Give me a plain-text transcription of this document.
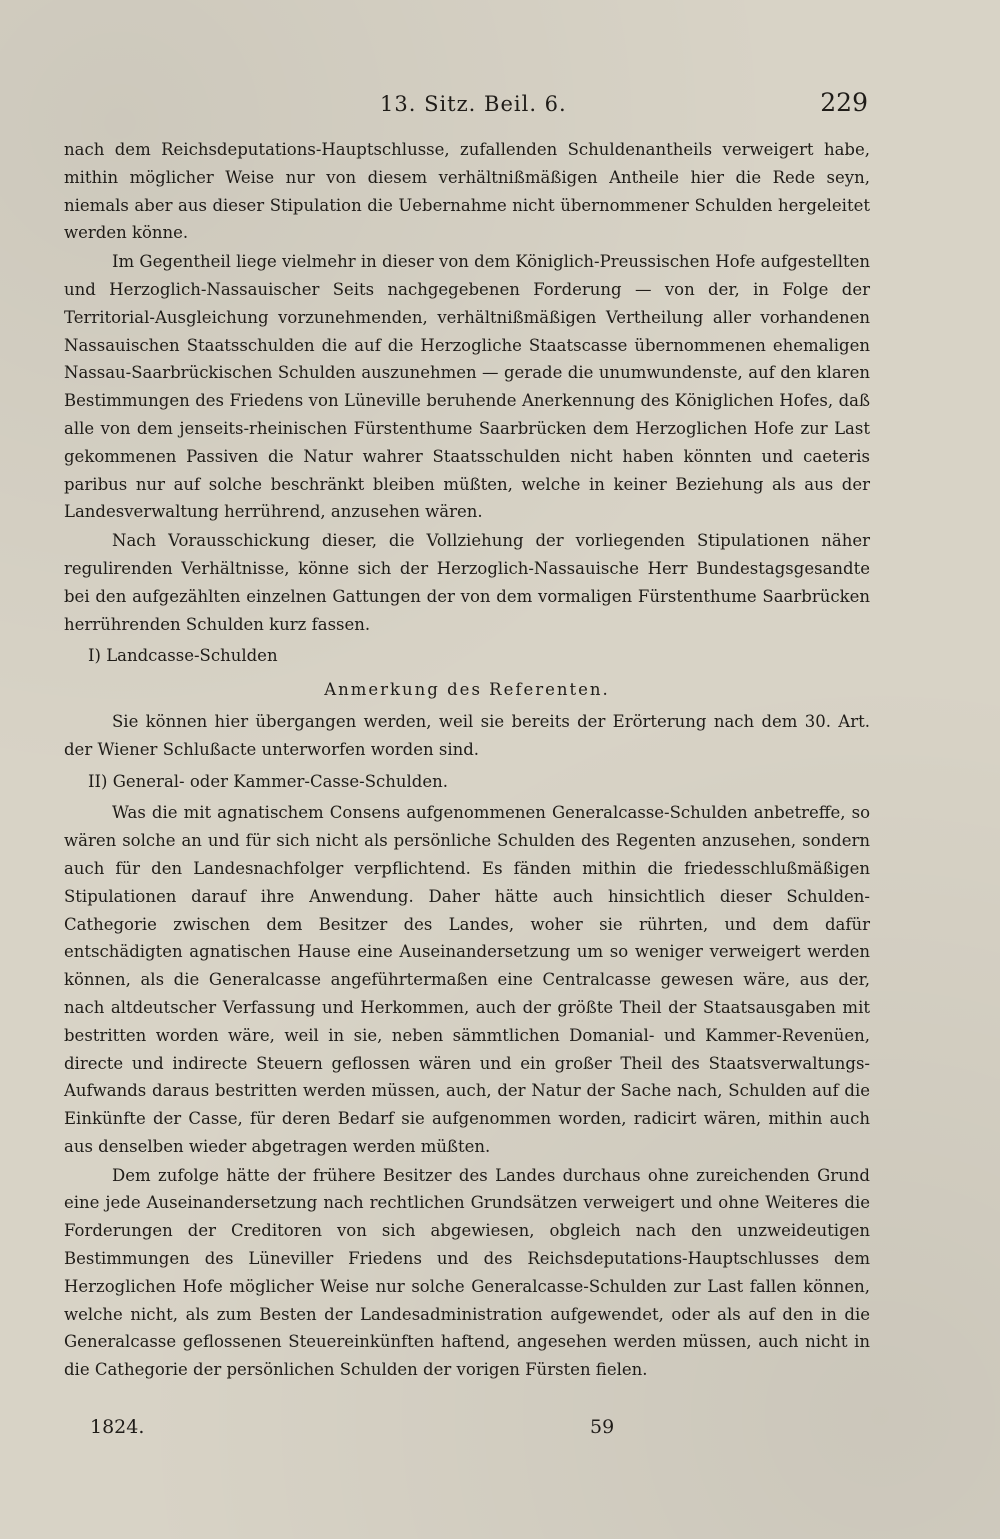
13. Sitz. Beil. 6.	229

nach dem Reichsdeputations-Hauptschlusse, zufallenden Schuldenantheils verweigert habe, mithin möglicher Weise nur von diesem verhältnißmäßigen Antheile hier die Rede seyn, niemals aber aus dieser Stipulation die Uebernahme nicht übernommener Schulden hergeleitet werden könne.

Im Gegentheil liege vielmehr in dieser von dem Königlich-Preussischen Hofe aufgestellten und Herzoglich-Nassauischer Seits nachgegebenen Forderung — von der, in Folge der Territorial-Ausgleichung vorzunehmenden, verhältnißmäßigen Vertheilung aller vorhandenen Nassauischen Staatsschulden die auf die Herzogliche Staatscasse übernommenen ehemaligen Nassau-Saarbrückischen Schulden auszunehmen — gerade die unumwundenste, auf den klaren Bestimmungen des Friedens von Lüneville beruhende Anerkennung des Königlichen Hofes, daß alle von dem jenseits-rheinischen Fürstenthume Saarbrücken dem Herzoglichen Hofe zur Last gekommenen Passiven die Natur wahrer Staatsschulden nicht haben könnten und caeteris paribus nur auf solche beschränkt bleiben müßten, welche in keiner Beziehung als aus der Landesverwaltung herrührend, anzusehen wären.

Nach Vorausschickung dieser, die Vollziehung der vorliegenden Stipulationen näher regulirenden Verhältnisse, könne sich der Herzoglich-Nassauische Herr Bundestagsgesandte bei den aufgezählten einzelnen Gattungen der von dem vormaligen Fürstenthume Saarbrücken herrührenden Schulden kurz fassen.

I) Landcasse-Schulden

Anmerkung des Referenten.

Sie können hier übergangen werden, weil sie bereits der Erörterung nach dem 30. Art. der Wiener Schlußacte unterworfen worden sind.

II) General- oder Kammer-Casse-Schulden.

Was die mit agnatischem Consens aufgenommenen Generalcasse-Schulden anbetreffe, so wären solche an und für sich nicht als persönliche Schulden des Regenten anzusehen, sondern auch für den Landesnachfolger verpflichtend. Es fänden mithin die friedesschlußmäßigen Stipulationen darauf ihre Anwendung. Daher hätte auch hinsichtlich dieser Schulden-Cathegorie zwischen dem Besitzer des Landes, woher sie rührten, und dem dafür entschädigten agnatischen Hause eine Auseinandersetzung um so weniger verweigert werden können, als die Generalcasse angeführtermaßen eine Centralcasse gewesen wäre, aus der, nach altdeutscher Verfassung und Herkommen, auch der größte Theil der Staatsausgaben mit bestritten worden wäre, weil in sie, neben sämmtlichen Domanial- und Kammer-Revenüen, directe und indirecte Steuern geflossen wären und ein großer Theil des Staatsverwaltungs-Aufwands daraus bestritten werden müssen, auch, der Natur der Sache nach, Schulden auf die Einkünfte der Casse, für deren Bedarf sie aufgenommen worden, radicirt wären, mithin auch aus denselben wieder abgetragen werden müßten.

Dem zufolge hätte der frühere Besitzer des Landes durchaus ohne zureichenden Grund eine jede Auseinandersetzung nach rechtlichen Grundsätzen verweigert und ohne Weiteres die Forderungen der Creditoren von sich abgewiesen, obgleich nach den unzweideutigen Bestimmungen des Lüneviller Friedens und des Reichsdeputations-Hauptschlusses dem Herzoglichen Hofe möglicher Weise nur solche Generalcasse-Schulden zur Last fallen können, welche nicht, als zum Besten der Landesadministration aufgewendet, oder als auf den in die Generalcasse geflossenen Steuereinkünften haftend, angesehen werden müssen, auch nicht in die Cathegorie der persönlichen Schulden der vorigen Fürsten fielen.

1824.	59
